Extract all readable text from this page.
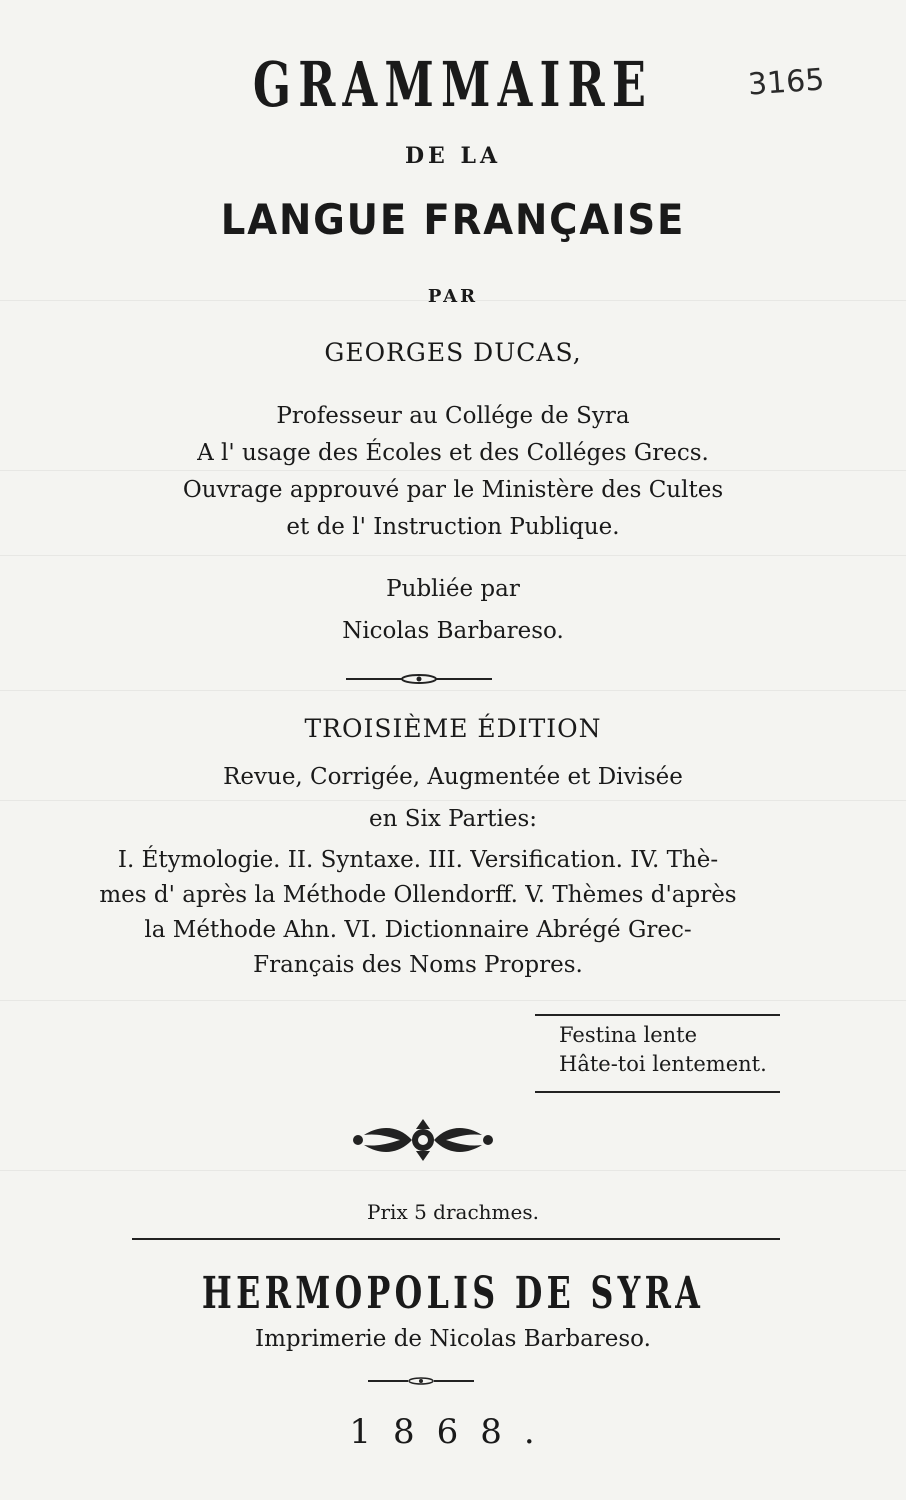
3165
GRAMMAIRE
DE LA
LANGUE FRANÇAISE
PAR
GEORGES DUCAS,
Professeur au Collége de Syra
A l' usage des Écoles et des Colléges Grecs.
Ouvrage approuvé par le Ministère des Cultes
et de l' Instruction Publique.
Publiée par
Nicolas Barbareso.
TROISIÈME ÉDITION
Revue, Corrigée, Augmentée et Divisée
en Six Parties:
I. Étymologie. II. Syntaxe. III. Versification. IV. Thè-
mes d' après la Méthode Ollendorff. V. Thèmes d'après
la Méthode Ahn. VI. Dictionnaire Abrégé Grec-
Français des Noms Propres.
Festina lente
Hâte-toi lentement.
Prix 5 drachmes.
HERMOPOLIS DE SYRA
Imprimerie de Nicolas Barbareso.
1868.
